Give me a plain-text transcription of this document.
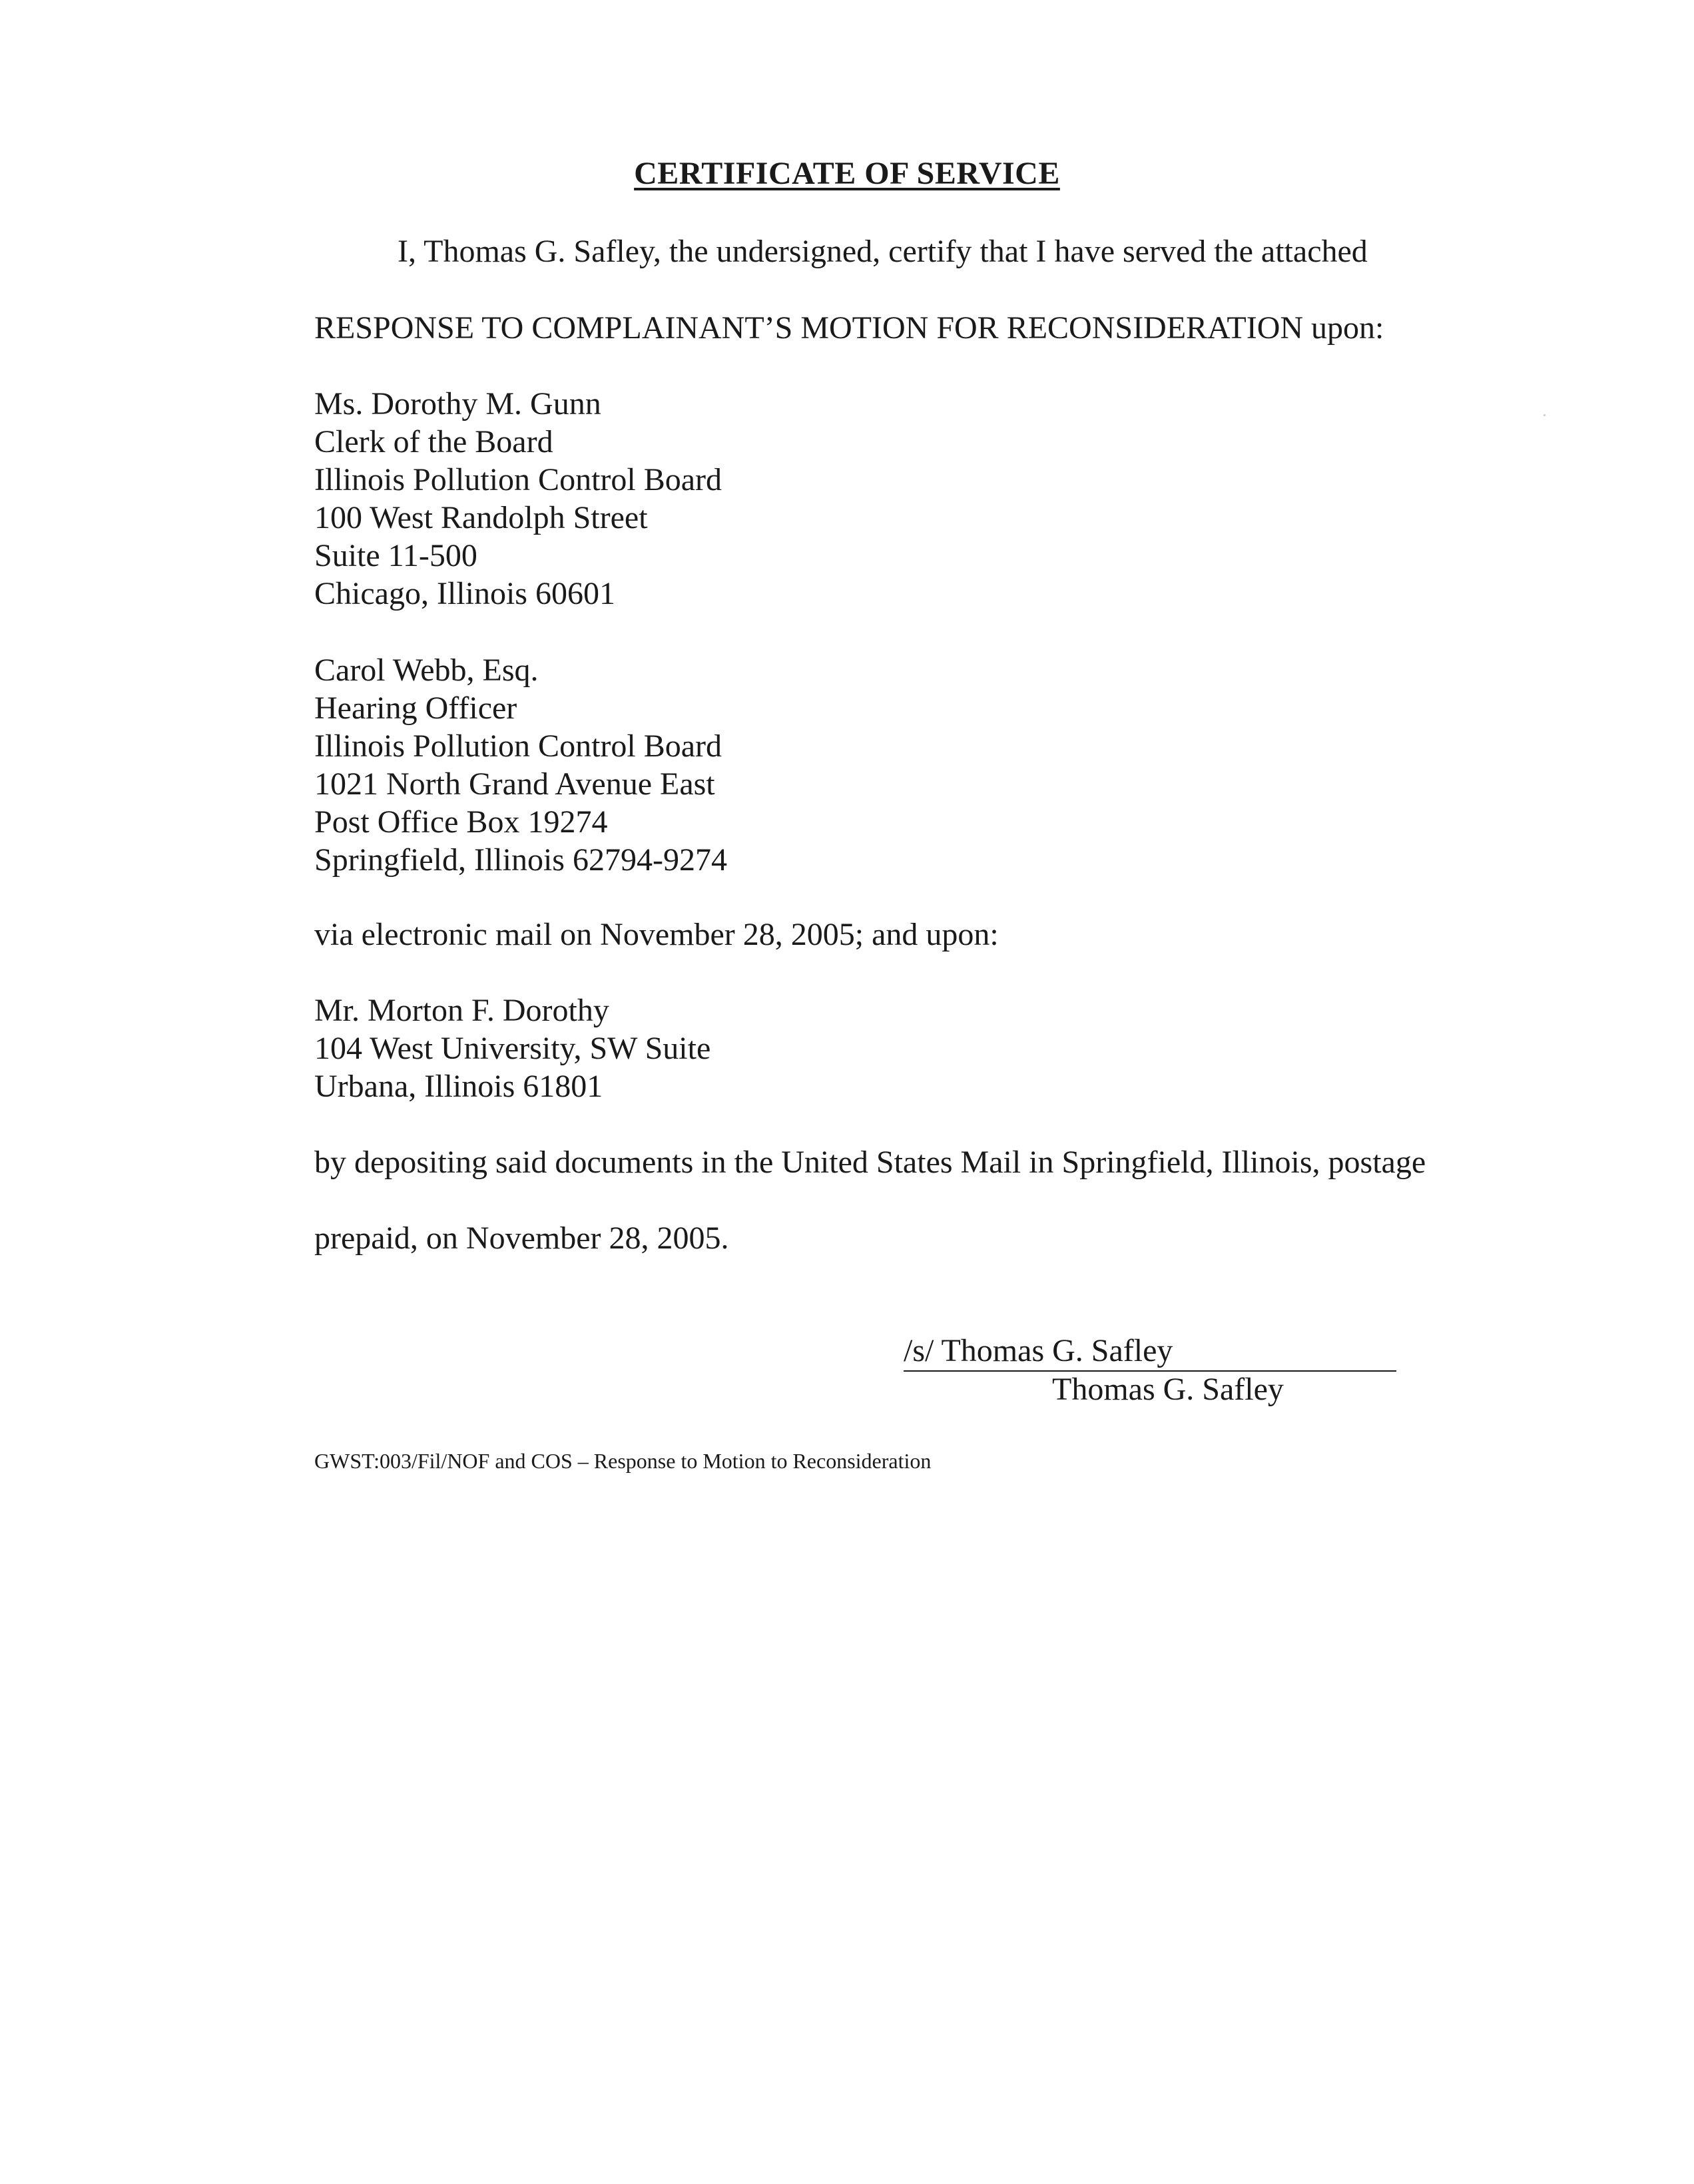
CERTIFICATE OF SERVICE
I, Thomas G. Safley, the undersigned, certify that I have served the attached
RESPONSE TO COMPLAINANT’S MOTION FOR RECONSIDERATION upon:
Ms. Dorothy M. Gunn
Clerk of the Board
Illinois Pollution Control Board
100 West Randolph Street
Suite 11-500
Chicago, Illinois 60601
Carol Webb, Esq.
Hearing Officer
Illinois Pollution Control Board
1021 North Grand Avenue East
Post Office Box 19274
Springfield, Illinois 62794-9274
via electronic mail on November 28, 2005; and upon:
Mr. Morton F. Dorothy
104 West University, SW Suite
Urbana, Illinois 61801
by depositing said documents in the United States Mail in Springfield, Illinois, postage
prepaid, on November 28, 2005.
/s/ Thomas G. Safley
Thomas G. Safley
GWST:003/Fil/NOF and COS – Response to Motion to Reconsideration
